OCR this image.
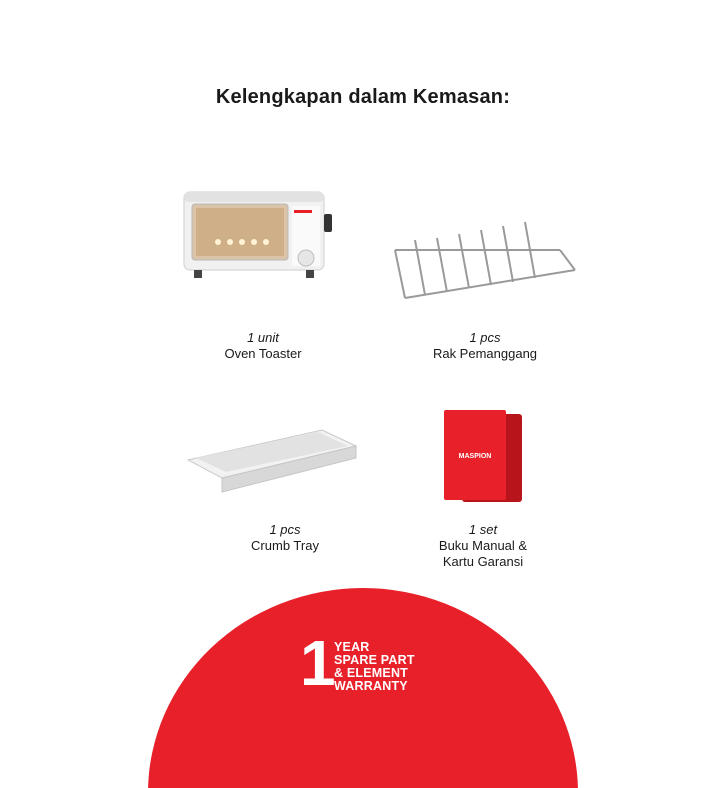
Kelengkapan dalam Kemasan:
1 unit
Oven Toaster
1 pcs
Rak Pemanggang
1 pcs
Crumb Tray
MASPION
1 set
Buku Manual &
Kartu Garansi
1
YEAR
SPARE PART
& ELEMENT
WARRANTY
